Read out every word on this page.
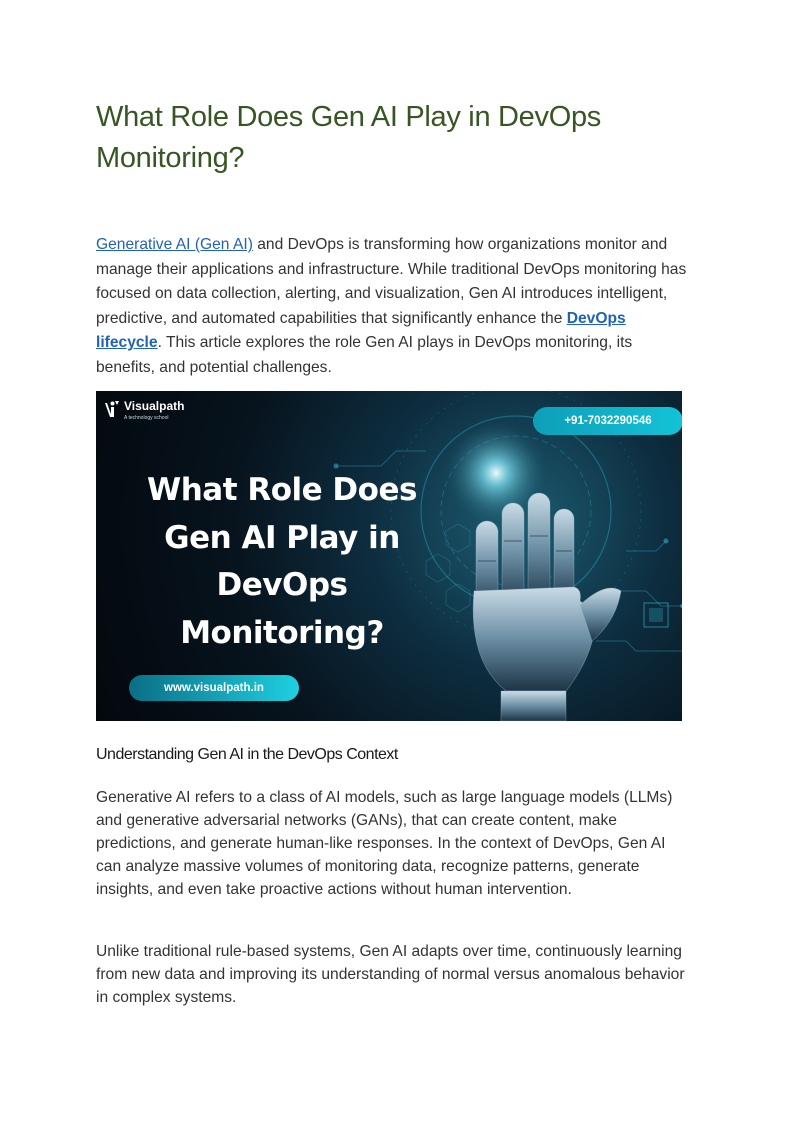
What Role Does Gen AI Play in DevOps Monitoring?

Generative AI (Gen AI) and DevOps is transforming how organizations monitor and manage their applications and infrastructure. While traditional DevOps monitoring has focused on data collection, alerting, and visualization, Gen AI introduces intelligent, predictive, and automated capabilities that significantly enhance the DevOps lifecycle. This article explores the role Gen AI plays in DevOps monitoring, its benefits, and potential challenges.

Visualpath
A technology school	+91-7032290546
What Role Does Gen AI Play in DevOps Monitoring?
www.visualpath.in
Understanding Gen AI in the DevOps Context

Generative AI refers to a class of AI models, such as large language models (LLMs) and generative adversarial networks (GANs), that can create content, make predictions, and generate human-like responses. In the context of DevOps, Gen AI can analyze massive volumes of monitoring data, recognize patterns, generate insights, and even take proactive actions without human intervention.

Unlike traditional rule-based systems, Gen AI adapts over time, continuously learning from new data and improving its understanding of normal versus anomalous behavior in complex systems.
